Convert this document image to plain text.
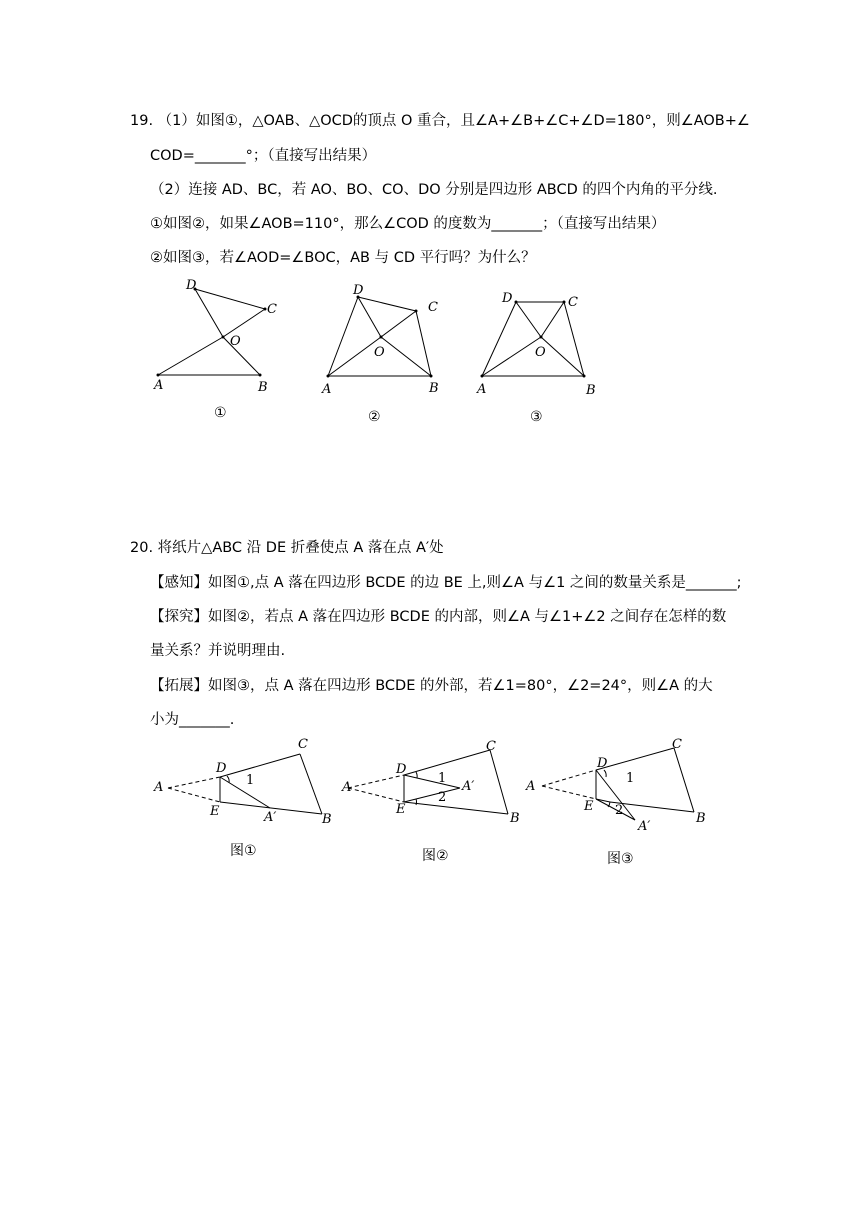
19. （1）如图①，△OAB、△OCD的顶点 O 重合，且∠A+∠B+∠C+∠D=180°，则∠AOB+∠
COD=_______°；（直接写出结果）
（2）连接 AD、BC，若 AO、BO、CO、DO 分别是四边形 ABCD 的四个内角的平分线.
①如图②，如果∠AOB=110°，那么∠COD 的度数为_______；（直接写出结果）
②如图③，若∠AOD=∠BOC，AB 与 CD 平行吗？为什么？
D
C
O
A	B
①
D
C
O
A	B
②
D	C
O
A	B
③
20. 将纸片△ABC 沿 DE 折叠使点 A 落在点 A′处
【感知】如图①,点 A 落在四边形 BCDE 的边 BE 上,则∠A 与∠1 之间的数量关系是_______;
【探究】如图②，若点 A 落在四边形 BCDE 的内部，则∠A 与∠1+∠2 之间存在怎样的数
量关系？并说明理由.
【拓展】如图③，点 A 落在四边形 BCDE 的外部，若∠1=80°，∠2=24°，则∠A 的大
小为_______.
A
D
C
E	A′	B
1
图①
A
D
C
E
A′
B
1
2
图②
A
D
C
E
A′
B
1
2
图③
